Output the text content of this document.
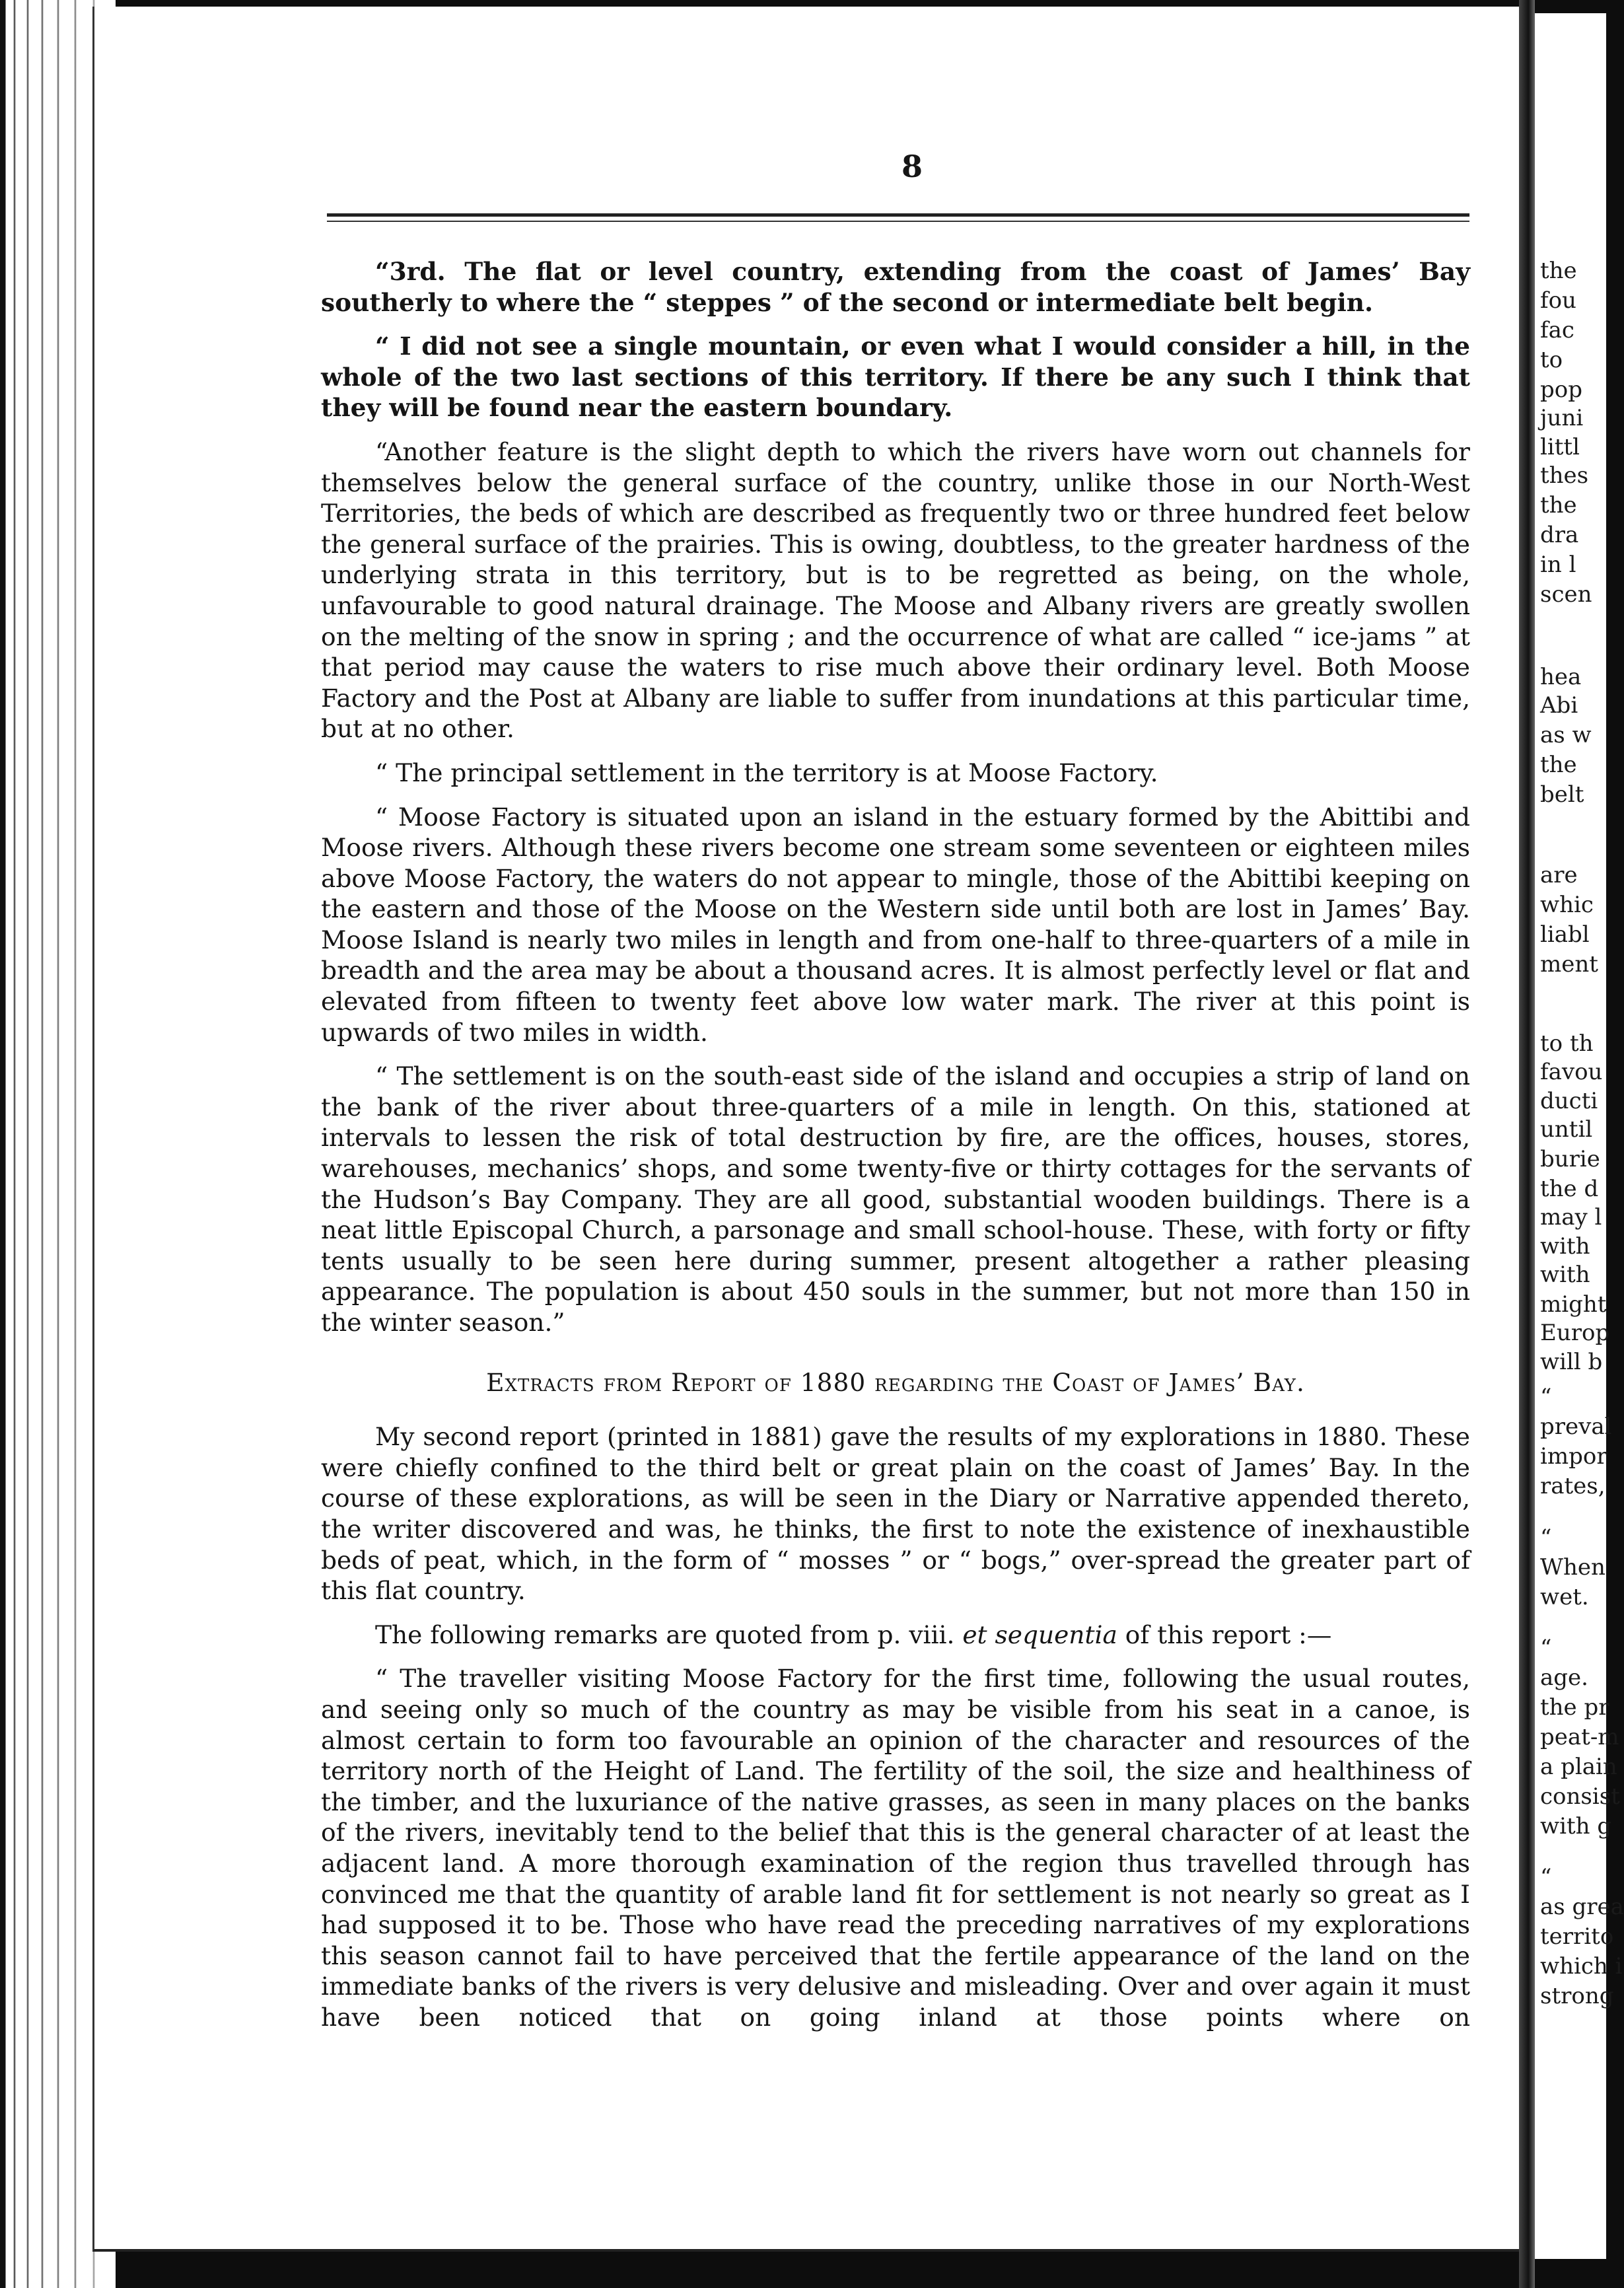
8

“3rd. The flat or level country, extending from the coast of James’ Bay southerly to where the “ steppes ” of the second or intermediate belt begin.

“ I did not see a single mountain, or even what I would consider a hill, in the whole of the two last sections of this territory. If there be any such I think that they will be found near the eastern boundary.

“Another feature is the slight depth to which the rivers have worn out channels for themselves below the general surface of the country, unlike those in our North-West Territories, the beds of which are described as frequently two or three hundred feet below the general surface of the prairies. This is owing, doubtless, to the greater hardness of the underlying strata in this territory, but is to be regretted as being, on the whole, unfavourable to good natural drainage. The Moose and Albany rivers are greatly swollen on the melting of the snow in spring ; and the occurrence of what are called “ ice-jams ” at that period may cause the waters to rise much above their ordinary level. Both Moose Factory and the Post at Albany are liable to suffer from inundations at this particular time, but at no other.

“ The principal settlement in the territory is at Moose Factory.

“ Moose Factory is situated upon an island in the estuary formed by the Abittibi and Moose rivers. Although these rivers become one stream some seventeen or eighteen miles above Moose Factory, the waters do not appear to mingle, those of the Abittibi keeping on the eastern and those of the Moose on the Western side until both are lost in James’ Bay. Moose Island is nearly two miles in length and from one-half to three-quarters of a mile in breadth and the area may be about a thousand acres. It is almost perfectly level or flat and elevated from fifteen to twenty feet above low water mark. The river at this point is upwards of two miles in width.

“ The settlement is on the south-east side of the island and occupies a strip of land on the bank of the river about three-quarters of a mile in length. On this, stationed at intervals to lessen the risk of total destruction by fire, are the offices, houses, stores, warehouses, mechanics’ shops, and some twenty-five or thirty cottages for the servants of the Hudson’s Bay Company. They are all good, substantial wooden buildings. There is a neat little Episcopal Church, a parsonage and small school-house. These, with forty or fifty tents usually to be seen here during summer, present altogether a rather pleasing appearance. The population is about 450 souls in the summer, but not more than 150 in the winter season.”

Extracts from Report of 1880 regarding the Coast of James’ Bay.

My second report (printed in 1881) gave the results of my explorations in 1880. These were chiefly confined to the third belt or great plain on the coast of James’ Bay. In the course of these explorations, as will be seen in the Diary or Narrative appended thereto, the writer discovered and was, he thinks, the first to note the existence of inexhaustible beds of peat, which, in the form of “ mosses ” or “ bogs,” over-spread the greater part of this flat country.

The following remarks are quoted from p. viii. et sequentia of this report :—

“ The traveller visiting Moose Factory for the first time, following the usual routes, and seeing only so much of the country as may be visible from his seat in a canoe, is almost certain to form too favourable an opinion of the character and resources of the territory north of the Height of Land. The fertility of the soil, the size and healthiness of the timber, and the luxuriance of the native grasses, as seen in many places on the banks of the rivers, inevitably tend to the belief that this is the general character of at least the adjacent land. A more thorough examination of the region thus travelled through has convinced me that the quantity of arable land fit for settlement is not nearly so great as I had supposed it to be. Those who have read the preceding narratives of my explorations this season cannot fail to have perceived that the fertile appearance of the land on the immediate banks of the rivers is very delusive and misleading. Over and over again it must have been noticed that on going inland at those points where on

the
fou
fac
to
pop
juni
littl
thes
the
dra
in l
scen
hea
Abi
as w
the
belt
are
whic
liabl
ment
to th
favou
ducti
until
burie
the d
may l
with
with
might
Europ
will b
“
preval
impor
rates,
“
When
wet.
“
age.
the pr
peat-m
a plain
consist
with g
“
as grea
territo
which i
strong
